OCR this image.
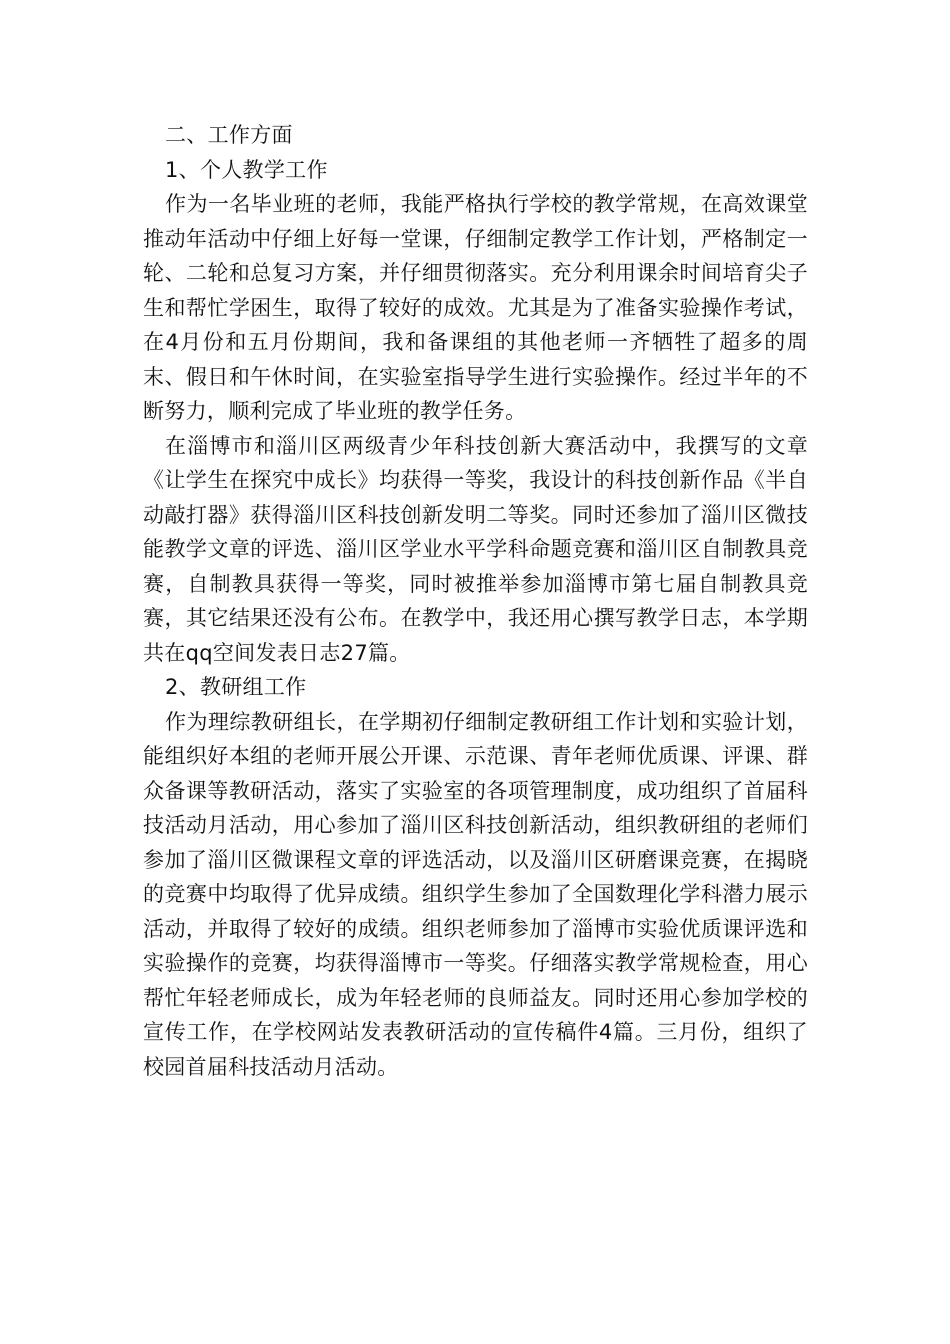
二、工作方面

1、个人教学工作

作为一名毕业班的老师，我能严格执行学校的教学常规，在高效课堂推动年活动中仔细上好每一堂课，仔细制定教学工作计划，严格制定一轮、二轮和总复习方案，并仔细贯彻落实。充分利用课余时间培育尖子生和帮忙学困生，取得了较好的成效。尤其是为了准备实验操作考试，在4月份和五月份期间，我和备课组的其他老师一齐牺牲了超多的周末、假日和午休时间，在实验室指导学生进行实验操作。经过半年的不断努力，顺利完成了毕业班的教学任务。

在淄博市和淄川区两级青少年科技创新大赛活动中，我撰写的文章《让学生在探究中成长》均获得一等奖，我设计的科技创新作品《半自动敲打器》获得淄川区科技创新发明二等奖。同时还参加了淄川区微技能教学文章的评选、淄川区学业水平学科命题竞赛和淄川区自制教具竞赛，自制教具获得一等奖，同时被推举参加淄博市第七届自制教具竞赛，其它结果还没有公布。在教学中，我还用心撰写教学日志，本学期共在qq空间发表日志27篇。

2、教研组工作

作为理综教研组长，在学期初仔细制定教研组工作计划和实验计划，能组织好本组的老师开展公开课、示范课、青年老师优质课、评课、群众备课等教研活动，落实了实验室的各项管理制度，成功组织了首届科技活动月活动，用心参加了淄川区科技创新活动，组织教研组的老师们参加了淄川区微课程文章的评选活动，以及淄川区研磨课竞赛，在揭晓的竞赛中均取得了优异成绩。组织学生参加了全国数理化学科潜力展示活动，并取得了较好的成绩。组织老师参加了淄博市实验优质课评选和实验操作的竞赛，均获得淄博市一等奖。仔细落实教学常规检查，用心帮忙年轻老师成长，成为年轻老师的良师益友。同时还用心参加学校的宣传工作，在学校网站发表教研活动的宣传稿件4篇。三月份，组织了校园首届科技活动月活动。
